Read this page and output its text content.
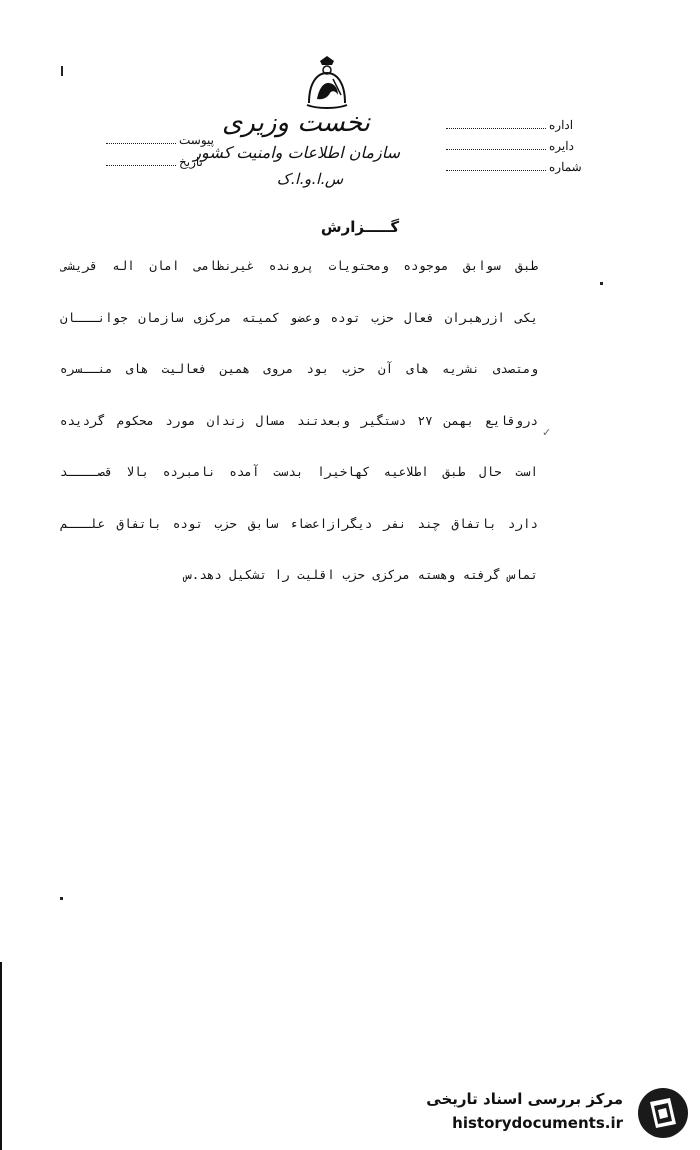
نخست وزیری
سازمان اطلاعات وامنیت کشور
س.ا.و.ا.ک
پیوست
تاریخ
اداره
دایره
شماره
گـــــزارش
طبق سوابق موجوده ومحتویات پرونده غیرنظامی امان اله قریشی
یکی ازرهبران فعال حزب توده وعضو کمیته مرکزی سازمان جوانـــان
ومتصدی نشریه های آن حزب بود مروی همین فعالیت های منــسره
دروقایع بهمن ۲۷ دستگیر وبعدتند مسال زندان مورد محکوم گردیده
است حال طبق اطلاعیه کهاخیرا بدست آمده نامبرده بالا قصــــد
دارد باتفاق چند نفر دیگرازاعضاء سابق حزب توده باتفاق علـــم
تماس گرفته وهسته مرکزی حزب اقلیت را تشکیل دهد.س
✓
مرکز بررسی اسناد تاریخی
historydocuments.ir
